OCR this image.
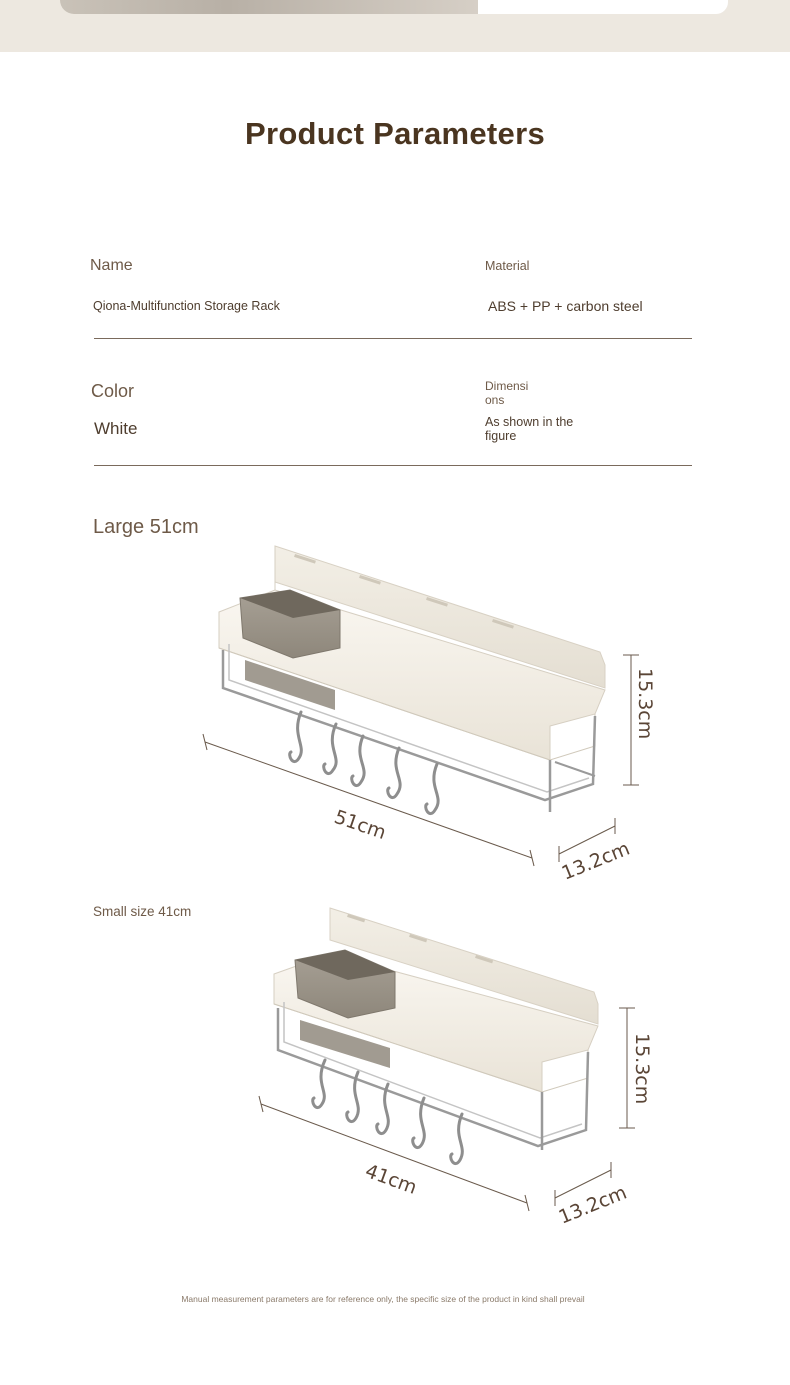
Product Parameters
Name
Qiona-Multifunction Storage Rack
Material
ABS + PP + carbon steel
Color
White
Dimensi
ons
As shown in the
figure
Large 51cm
51cm
15.3cm
13.2cm
Small size 41cm
41cm
15.3cm
13.2cm
Manual measurement parameters are for reference only, the specific size of the product in kind shall prevail
